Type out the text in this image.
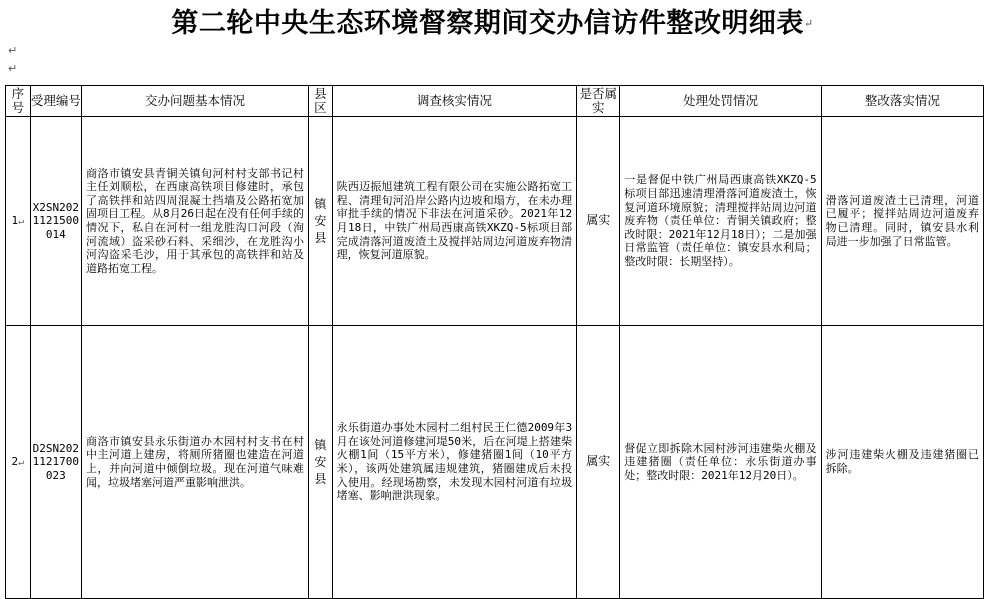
第二轮中央生态环境督察期间交办信访件整改明细表↵
↵
↵
序号	受理编号	交办问题基本情况	县区	调查核实情况	是否属实	处理处罚情况	整改落实情况
1↵	X2SN2021121500014	商洛市镇安县青铜关镇旬河村村支部书记村主任刘顺松，在西康高铁项目修建时，承包了高铁拌和站四周混凝土挡墙及公路拓宽加固项目工程。从8月26日起在没有任何手续的情况下，私自在河村一组龙胜沟口河段（洵河流域）盗采砂石料、采细沙，在龙胜沟小河沟盗采毛沙，用于其承包的高铁拌和站及道路拓宽工程。	镇安县	陕西迈振旭建筑工程有限公司在实施公路拓宽工程、清理旬河沿岸公路内边坡和塌方，在未办理审批手续的情况下非法在河道采砂。2021年12月18日，中铁广州局西康高铁XKZQ-5标项目部完成清落河道废渣土及搅拌站周边河道废弃物清理，恢复河道原貌。	属实	一是督促中铁广州局西康高铁XKZQ-5标项目部迅速清理滑落河道废渣土，恢复河道环境原貌；清理搅拌站周边河道废弃物（责任单位：青铜关镇政府；整改时限：2021年12月18日）；二是加强日常监管（责任单位：镇安县水利局；整改时限：长期坚持）。	滑落河道废渣土已清理，河道已履平；搅拌站周边河道废弃物已清理。同时，镇安县水利局进一步加强了日常监管。
2↵	D2SN2021121700023	商洛市镇安县永乐街道办木园村村支书在村中主河道上建房，将厕所猪圈也建造在河道上，并向河道中倾倒垃圾。现在河道气味难闻，垃圾堵塞河道严重影响泄洪。	镇安县	永乐街道办事处木园村二组村民王仁德2009年3月在该处河道修建河堤50米，后在河堤上搭建柴火棚1间（15平方米），修建猪圈1间（10平方米），该两处建筑属违规建筑，猪圈建成后未投入使用。经现场勘察，未发现木园村河道有垃圾堵塞、影响泄洪现象。	属实	督促立即拆除木园村涉河违建柴火棚及违建猪圈（责任单位：永乐街道办事处；整改时限：2021年12月20日）。	涉河违建柴火棚及违建猪圈已拆除。
